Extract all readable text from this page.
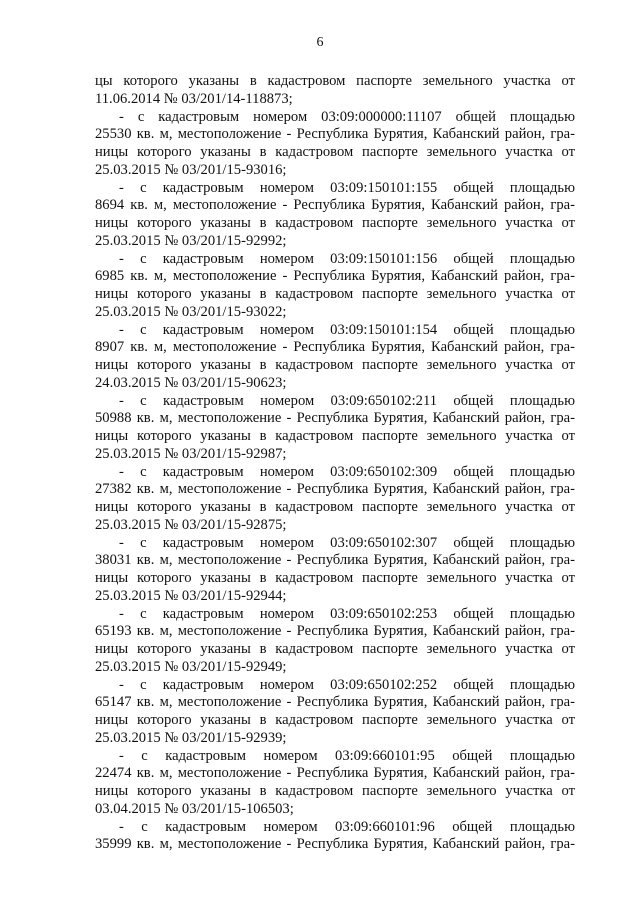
6
цы которого указаны в кадастровом паспорте земельного участка от
11.06.2014 № 03/201/14-118873;
- с кадастровым номером 03:09:000000:11107 общей площадью
25530 кв. м, местоположение - Республика Бурятия, Кабанский район, гра-
ницы которого указаны в кадастровом паспорте земельного участка от
25.03.2015 № 03/201/15-93016;
- с кадастровым номером 03:09:150101:155 общей площадью
8694 кв. м, местоположение - Республика Бурятия, Кабанский район, гра-
ницы которого указаны в кадастровом паспорте земельного участка от
25.03.2015 № 03/201/15-92992;
- с кадастровым номером 03:09:150101:156 общей площадью
6985 кв. м, местоположение - Республика Бурятия, Кабанский район, гра-
ницы которого указаны в кадастровом паспорте земельного участка от
25.03.2015 № 03/201/15-93022;
- с кадастровым номером 03:09:150101:154 общей площадью
8907 кв. м, местоположение - Республика Бурятия, Кабанский район, гра-
ницы которого указаны в кадастровом паспорте земельного участка от
24.03.2015 № 03/201/15-90623;
- с кадастровым номером 03:09:650102:211 общей площадью
50988 кв. м, местоположение - Республика Бурятия, Кабанский район, гра-
ницы которого указаны в кадастровом паспорте земельного участка от
25.03.2015 № 03/201/15-92987;
- с кадастровым номером 03:09:650102:309 общей площадью
27382 кв. м, местоположение - Республика Бурятия, Кабанский район, гра-
ницы которого указаны в кадастровом паспорте земельного участка от
25.03.2015 № 03/201/15-92875;
- с кадастровым номером 03:09:650102:307 общей площадью
38031 кв. м, местоположение - Республика Бурятия, Кабанский район, гра-
ницы которого указаны в кадастровом паспорте земельного участка от
25.03.2015 № 03/201/15-92944;
- с кадастровым номером 03:09:650102:253 общей площадью
65193 кв. м, местоположение - Республика Бурятия, Кабанский район, гра-
ницы которого указаны в кадастровом паспорте земельного участка от
25.03.2015 № 03/201/15-92949;
- с кадастровым номером 03:09:650102:252 общей площадью
65147 кв. м, местоположение - Республика Бурятия, Кабанский район, гра-
ницы которого указаны в кадастровом паспорте земельного участка от
25.03.2015 № 03/201/15-92939;
- с кадастровым номером 03:09:660101:95 общей площадью
22474 кв. м, местоположение - Республика Бурятия, Кабанский район, гра-
ницы которого указаны в кадастровом паспорте земельного участка от
03.04.2015 № 03/201/15-106503;
- с кадастровым номером 03:09:660101:96 общей площадью
35999 кв. м, местоположение - Республика Бурятия, Кабанский район, гра-
